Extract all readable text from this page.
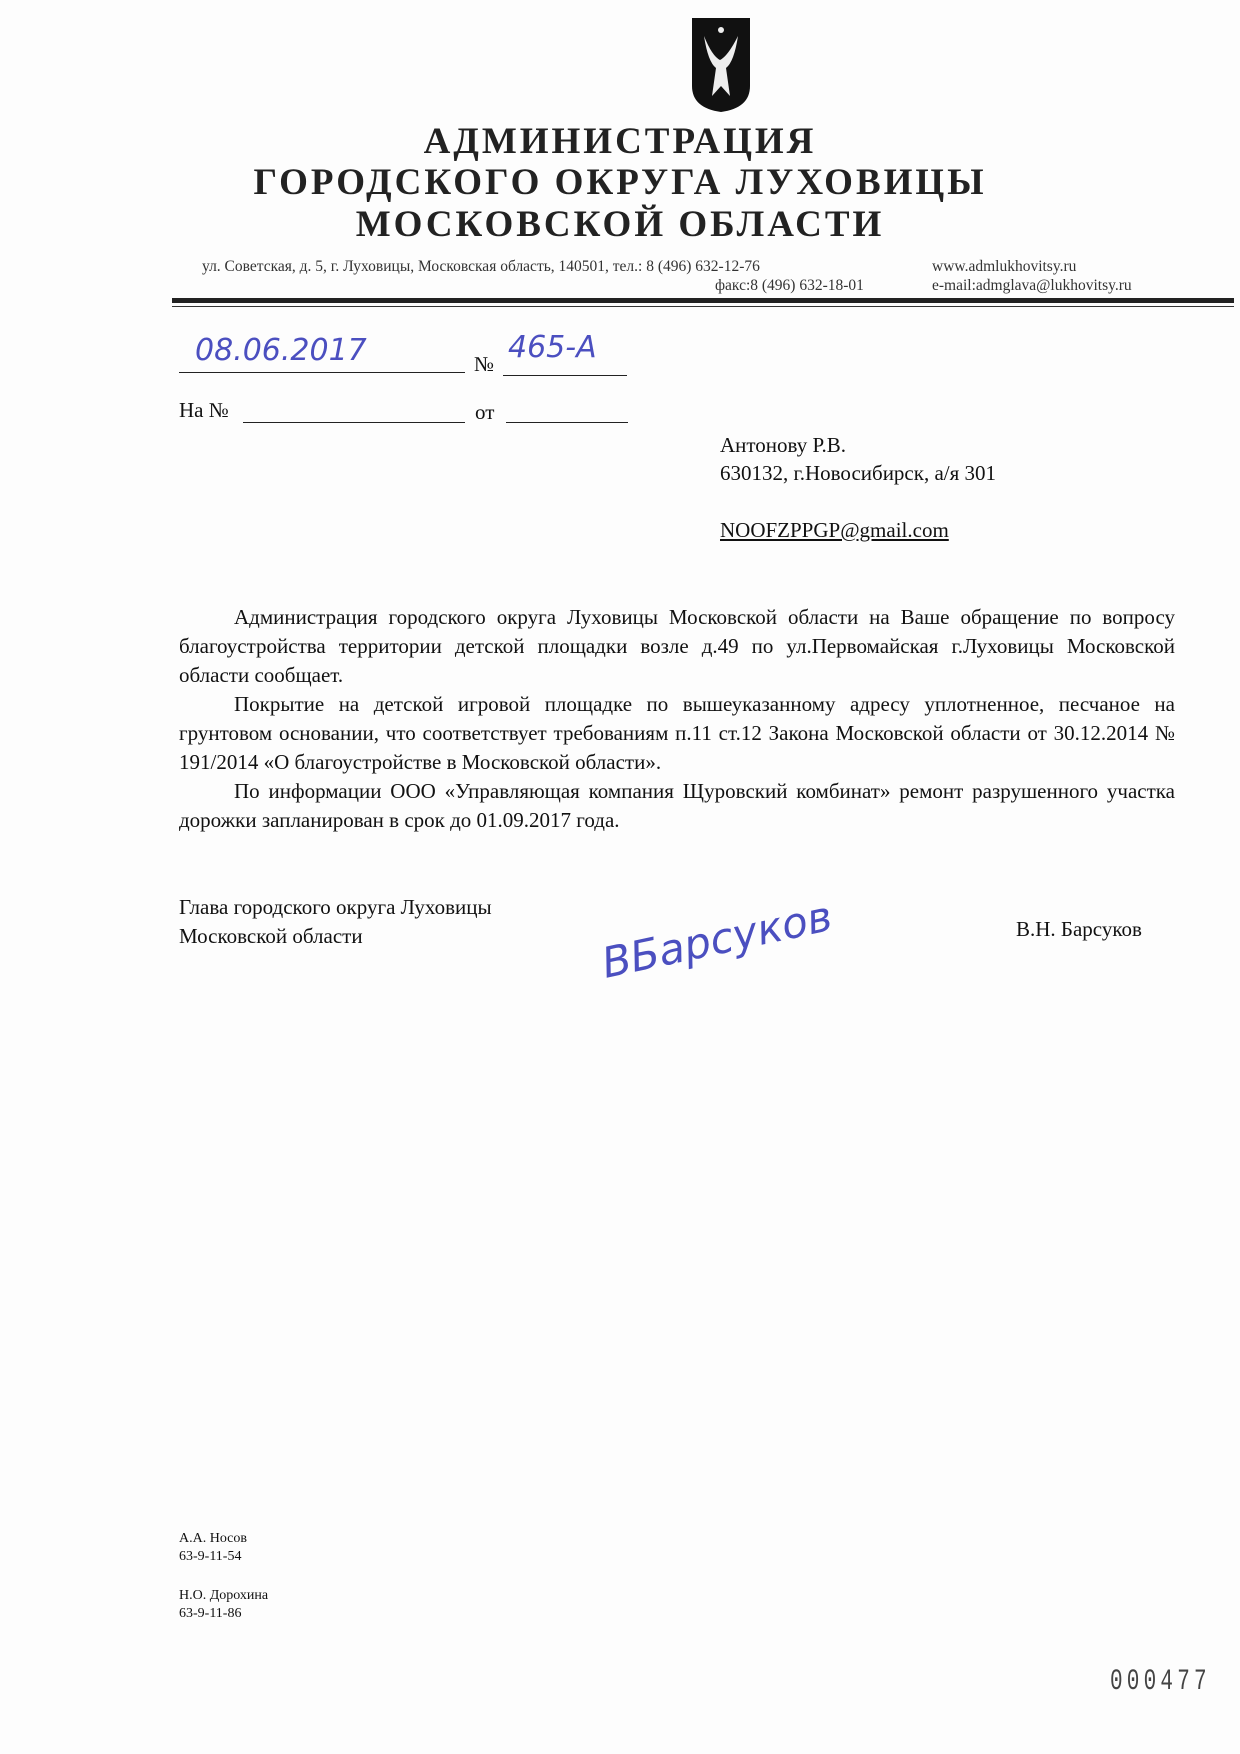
АДМИНИСТРАЦИЯ
ГОРОДСКОГО ОКРУГА ЛУХОВИЦЫ
МОСКОВСКОЙ ОБЛАСТИ
ул. Советская, д. 5, г. Луховицы, Московская область, 140501, тел.: 8 (496) 632-12-76
факс:8 (496) 632-18-01
www.admlukhovitsy.ru
e-mail:admglava@lukhovitsy.ru
08.06.2017	№ 465-А
На №	от
Антонову Р.В.
630132, г.Новосибирск, а/я 301
NOOFZPPGP@gmail.com

Администрация городского округа Луховицы Московской области на Ваше обращение по вопросу благоустройства территории детской площадки возле д.49 по ул.Первомайская г.Луховицы Московской области сообщает.

Покрытие на детской игровой площадке по вышеуказанному адресу уплотненное, песчаное на грунтовом основании, что соответствует требованиям п.11 ст.12 Закона Московской области от 30.12.2014 № 191/2014 «О благоустройстве в Московской области».

По информации ООО «Управляющая компания Щуровский комбинат» ремонт разрушенного участка дорожки запланирован в срок до 01.09.2017 года.

Глава городского округа Луховицы
Московской области	ВБарсуков	В.Н. Барсуков
А.А. Носов
63-9-11-54
Н.О. Дорохина
63-9-11-86
000477
